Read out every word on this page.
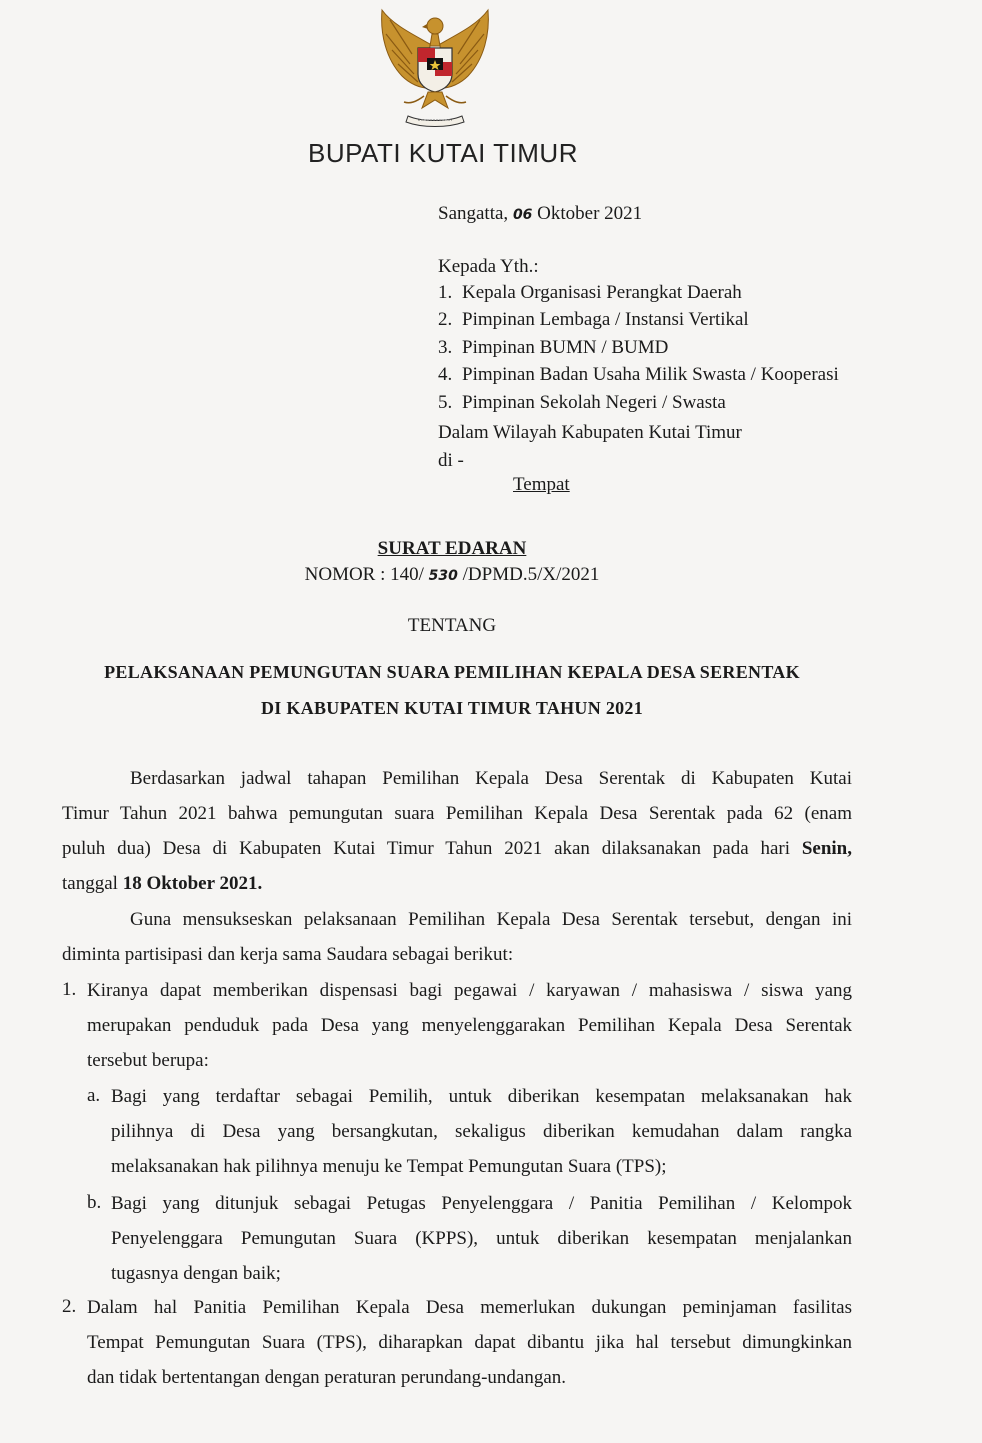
BUPATI KUTAI TIMUR
Sangatta, 06 Oktober 2021
Kepada Yth.:
1. Kepala Organisasi Perangkat Daerah
2. Pimpinan Lembaga / Instansi Vertikal
3. Pimpinan BUMN / BUMD
4. Pimpinan Badan Usaha Milik Swasta / Kooperasi
5. Pimpinan Sekolah Negeri / Swasta
Dalam Wilayah Kabupaten Kutai Timur
di -
Tempat
SURAT EDARAN
NOMOR : 140/ 530 /DPMD.5/X/2021
TENTANG
PELAKSANAAN PEMUNGUTAN SUARA PEMILIHAN KEPALA DESA SERENTAK
DI KABUPATEN KUTAI TIMUR TAHUN 2021
Berdasarkan jadwal tahapan Pemilihan Kepala Desa Serentak di Kabupaten Kutai
Timur Tahun 2021 bahwa pemungutan suara Pemilihan Kepala Desa Serentak pada 62 (enam
puluh dua) Desa di Kabupaten Kutai Timur Tahun 2021 akan dilaksanakan pada hari Senin,
tanggal 18 Oktober 2021.
Guna mensukseskan pelaksanaan Pemilihan Kepala Desa Serentak tersebut, dengan ini
diminta partisipasi dan kerja sama Saudara sebagai berikut:
1. Kiranya dapat memberikan dispensasi bagi pegawai / karyawan / mahasiswa / siswa yang
merupakan penduduk pada Desa yang menyelenggarakan Pemilihan Kepala Desa Serentak
tersebut berupa:
a. Bagi yang terdaftar sebagai Pemilih, untuk diberikan kesempatan melaksanakan hak
pilihnya di Desa yang bersangkutan, sekaligus diberikan kemudahan dalam rangka
melaksanakan hak pilihnya menuju ke Tempat Pemungutan Suara (TPS);
b. Bagi yang ditunjuk sebagai Petugas Penyelenggara / Panitia Pemilihan / Kelompok
Penyelenggara Pemungutan Suara (KPPS), untuk diberikan kesempatan menjalankan
tugasnya dengan baik;
2. Dalam hal Panitia Pemilihan Kepala Desa memerlukan dukungan peminjaman fasilitas
Tempat Pemungutan Suara (TPS), diharapkan dapat dibantu jika hal tersebut dimungkinkan
dan tidak bertentangan dengan peraturan perundang-undangan.
